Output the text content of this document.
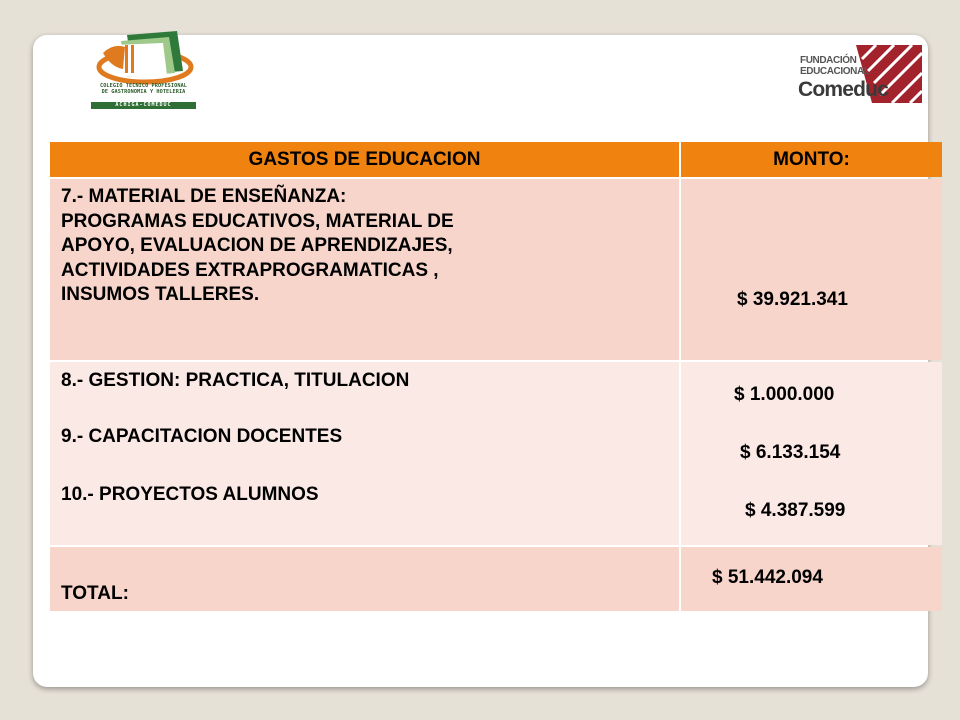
COLEGIO TECNICO PROFESIONAL
DE GASTRONOMIA Y HOTELERIA
ACHIGA-COMEDUC
FUNDACIÓN
EDUCACIONAL
Comeduc
GASTOS DE EDUCACION	MONTO:
7.- MATERIAL DE ENSEÑANZA:
PROGRAMAS EDUCATIVOS, MATERIAL DE
APOYO, EVALUACION DE APRENDIZAJES,
ACTIVIDADES EXTRAPROGRAMATICAS ,
INSUMOS TALLERES.	$ 39.921.341
8.- GESTION: PRACTICA, TITULACION
9.- CAPACITACION DOCENTES
10.- PROYECTOS ALUMNOS
$ 1.000.000
$ 6.133.154
$ 4.387.599
TOTAL:
$ 51.442.094
